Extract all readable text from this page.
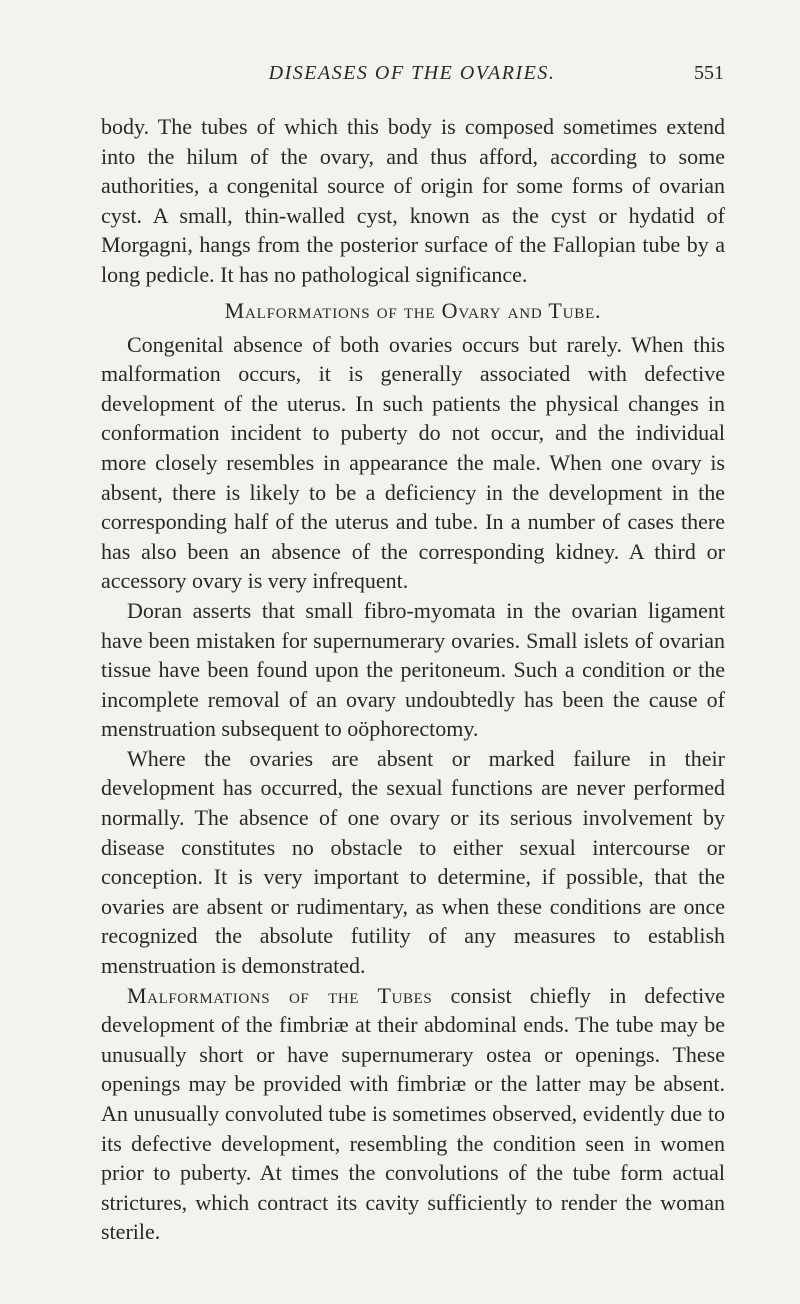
DISEASES OF THE OVARIES.	551

body. The tubes of which this body is composed sometimes extend into the hilum of the ovary, and thus afford, according to some authorities, a congenital source of origin for some forms of ovarian cyst. A small, thin-walled cyst, known as the cyst or hydatid of Morgagni, hangs from the posterior surface of the Fallopian tube by a long pedicle. It has no pathological significance.

Malformations of the Ovary and Tube.

Congenital absence of both ovaries occurs but rarely. When this malformation occurs, it is generally associated with defective development of the uterus. In such patients the physical changes in conformation incident to puberty do not occur, and the individual more closely resembles in appearance the male. When one ovary is absent, there is likely to be a deficiency in the development in the corresponding half of the uterus and tube. In a number of cases there has also been an absence of the corresponding kidney. A third or accessory ovary is very infrequent.

Doran asserts that small fibro-myomata in the ovarian ligament have been mistaken for supernumerary ovaries. Small islets of ovarian tissue have been found upon the peritoneum. Such a condition or the incomplete removal of an ovary undoubtedly has been the cause of menstruation subsequent to oöphorectomy.

Where the ovaries are absent or marked failure in their development has occurred, the sexual functions are never performed normally. The absence of one ovary or its serious involvement by disease constitutes no obstacle to either sexual intercourse or conception. It is very important to determine, if possible, that the ovaries are absent or rudimentary, as when these conditions are once recognized the absolute futility of any measures to establish menstruation is demonstrated.

Malformations of the Tubes consist chiefly in defective development of the fimbriæ at their abdominal ends. The tube may be unusually short or have supernumerary ostea or openings. These openings may be provided with fimbriæ or the latter may be absent. An unusually convoluted tube is sometimes observed, evidently due to its defective development, resembling the condition seen in women prior to puberty. At times the convolutions of the tube form actual strictures, which contract its cavity sufficiently to render the woman sterile.
